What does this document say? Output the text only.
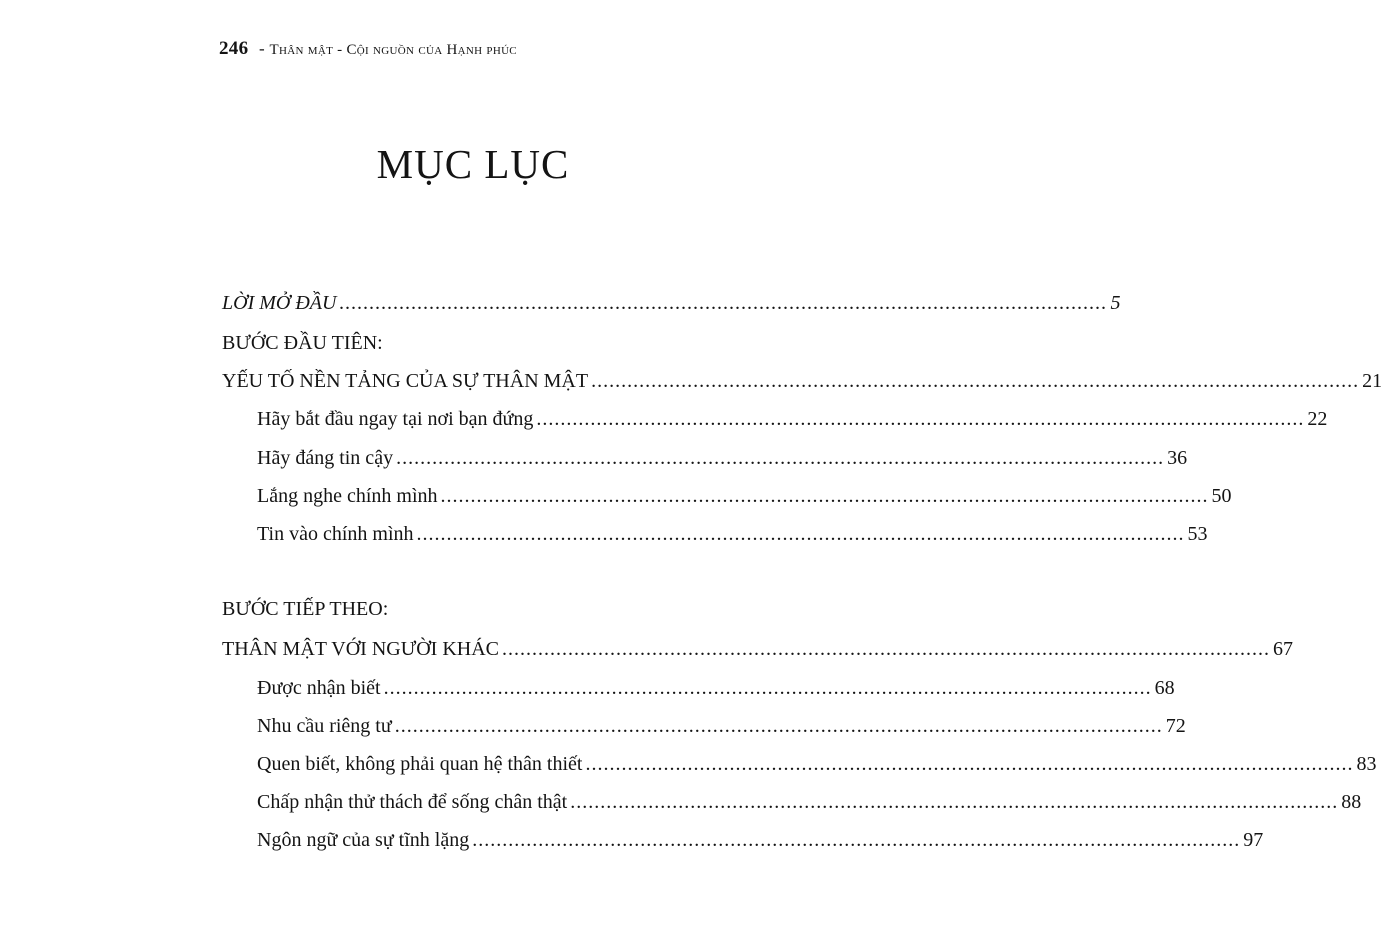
246 - Thân mật - Cội nguồn của Hạnh phúc
MỤC LỤC
LỜI MỞ ĐẦU ................................................................................................................................ 5
BƯỚC ĐẦU TIÊN:
YẾU TỐ NỀN TẢNG CỦA SỰ THÂN MẬT ................................................................................................................................ 21
Hãy bắt đầu ngay tại nơi bạn đứng ................................................................................................................................ 22
Hãy đáng tin cậy ................................................................................................................................ 36
Lắng nghe chính mình ................................................................................................................................ 50
Tin vào chính mình ................................................................................................................................ 53
BƯỚC TIẾP THEO:
THÂN MẬT VỚI NGƯỜI KHÁC ................................................................................................................................ 67
Được nhận biết ................................................................................................................................ 68
Nhu cầu riêng tư ................................................................................................................................ 72
Quen biết, không phải quan hệ thân thiết ................................................................................................................................ 83
Chấp nhận thử thách để sống chân thật ................................................................................................................................ 88
Ngôn ngữ của sự tĩnh lặng ................................................................................................................................ 97
